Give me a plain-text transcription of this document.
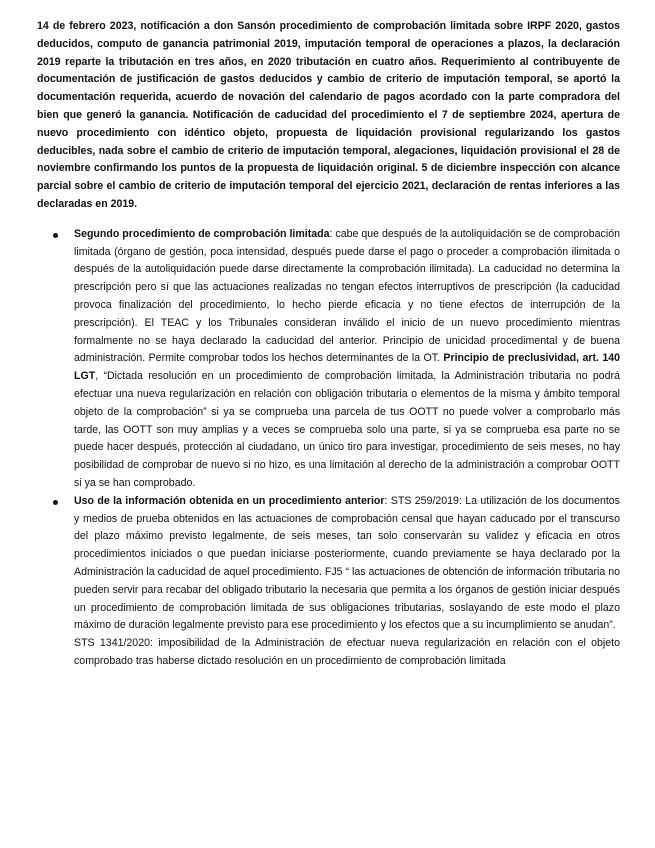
14 de febrero 2023, notificación a don Sansón procedimiento de comprobación limitada sobre IRPF 2020, gastos deducidos, computo de ganancia patrimonial 2019, imputación temporal de operaciones a plazos, la declaración 2019 reparte la tributación en tres años, en 2020 tributación en cuatro años. Requerimiento al contribuyente de documentación de justificación de gastos deducidos y cambio de criterio de imputación temporal, se aportó la documentación requerida, acuerdo de novación del calendario de pagos acordado con la parte compradora del bien que generó la ganancia. Notificación de caducidad del procedimiento el 7 de septiembre 2024, apertura de nuevo procedimiento con idéntico objeto, propuesta de liquidación provisional regularizando los gastos deducibles, nada sobre el cambio de criterio de imputación temporal, alegaciones, liquidación provisional el 28 de noviembre confirmando los puntos de la propuesta de liquidación original. 5 de diciembre inspección con alcance parcial sobre el cambio de criterio de imputación temporal del ejercicio 2021, declaración de rentas inferiores a las declaradas en 2019.

Segundo procedimiento de comprobación limitada: cabe que después de la autoliquidación se de comprobación limitada (órgano de gestión, poca intensidad, después puede darse el pago o proceder a comprobación ilimitada o después de la autoliquidación puede darse directamente la comprobación ilimitada). La caducidad no determina la prescripción pero sí que las actuaciones realizadas no tengan efectos interruptivos de prescripción (la caducidad provoca finalización del procedimiento, lo hecho pierde eficacia y no tiene efectos de interrupción de la prescripción). El TEAC y los Tribunales consideran inválido el inicio de un nuevo procedimiento mientras formalmente no se haya declarado la caducidad del anterior. Principio de unicidad procedimental y de buena administración. Permite comprobar todos los hechos determinantes de la OT. Principio de preclusividad, art. 140 LGT, “Dictada resolución en un procedimiento de comprobación limitada, la Administración tributaria no podrá efectuar una nueva regularización en relación con obligación tributaria o elementos de la misma y ámbito temporal objeto de la comprobación” si ya se comprueba una parcela de tus OOTT no puede volver a comprobarlo más tarde, las OOTT son muy amplias y a veces se comprueba solo una parte, si ya se comprueba esa parte no se puede hacer después, protección al ciudadano, un único tiro para investigar, procedimiento de seis meses, no hay posibilidad de comprobar de nuevo si no hizo, es una limitación al derecho de la administración a comprobar OOTT si ya se han comprobado.
Uso de la información obtenida en un procedimiento anterior: STS 259/2019: La utilización de los documentos y medios de prueba obtenidos en las actuaciones de comprobación censal que hayan caducado por el transcurso del plazo máximo previsto legalmente, de seis meses, tan solo conservarán su validez y eficacia en otros procedimientos iniciados o que puedan iniciarse posteriormente, cuando previamente se haya declarado por la Administración la caducidad de aquel procedimiento. FJ5 “ las actuaciones de obtención de información tributaria no pueden servir para recabar del obligado tributario la necesaria que permita a los órganos de gestión iniciar después un procedimiento de comprobación limitada de sus obligaciones tributarias, soslayando de este modo el plazo máximo de duración legalmente previsto para ese procedimiento y los efectos que a su incumplimiento se anudan”.

STS 1341/2020: imposibilidad de la Administración de efectuar nueva regularización en relación con el objeto comprobado tras haberse dictado resolución en un procedimiento de comprobación limitada
